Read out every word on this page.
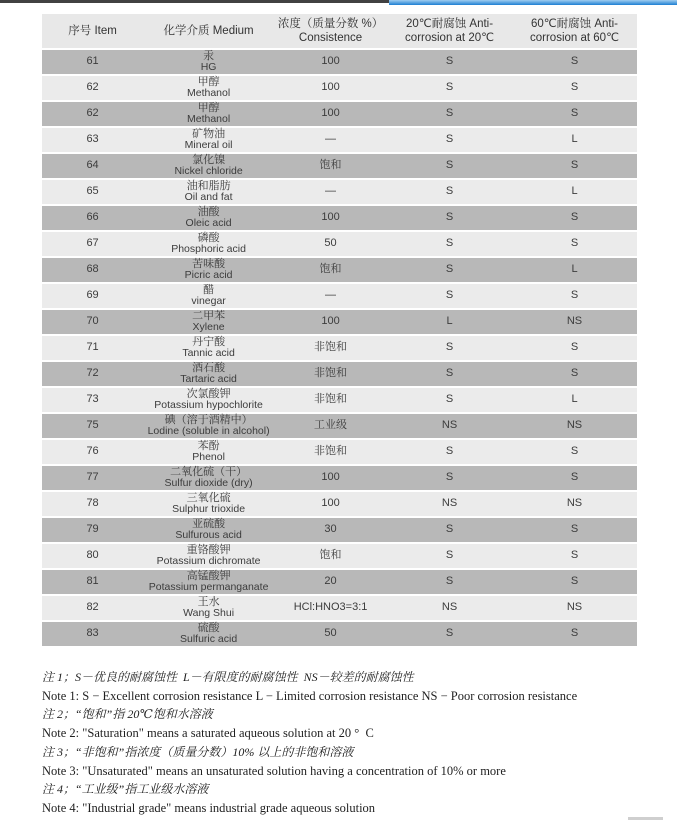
序号 Item	化学介质 Medium

浓度（质量分数 %）
Consistence

20℃耐腐蚀 Anti-
corrosion at 20℃

60℃耐腐蚀 Anti-
corrosion at 60℃

61	汞
HG	100	S	S
62	甲醇
Methanol	100	S	S
62	甲醇
Methanol	100	S	S
63	矿物油
Mineral oil	—	S	L
64	氯化镍
Nickel chloride	饱和	S	S
65	油和脂肪
Oil and fat	—	S	L
66	油酸
Oleic acid	100	S	S
67	磷酸
Phosphoric acid	50	S	S
68	苦味酸
Picric acid	饱和	S	L
69	醋
vinegar	—	S	S
70	二甲苯
Xylene	100	L	NS
71	丹宁酸
Tannic acid	非饱和	S	S
72	酒石酸
Tartaric acid	非饱和	S	S
73	次氯酸钾
Potassium hypochlorite	非饱和	S	L
75	碘（溶于酒精中）
Lodine (soluble in alcohol)	工业级	NS	NS
76	苯酚
Phenol	非饱和	S	S
77	二氧化硫（干）
Sulfur dioxide (dry)	100	S	S
78	三氧化硫
Sulphur trioxide	100	NS	NS
79	亚硫酸
Sulfurous acid	30	S	S
80	重铬酸钾
Potassium dichromate	饱和	S	S
81	高锰酸钾
Potassium permanganate	20	S	S
82	王水
Wang Shui	HCl:HNO3=3:1	NS	NS
83	硫酸
Sulfuric acid	50	S	S
注 1；S－优良的耐腐蚀性  L－有限度的耐腐蚀性  NS－较差的耐腐蚀性
Note 1: S − Excellent corrosion resistance L − Limited corrosion resistance NS − Poor corrosion resistance
注 2；“饱和”指 20℃饱和水溶液
Note 2: "Saturation" means a saturated aqueous solution at 20 °  C
注 3；“非饱和”指浓度（质量分数）10% 以上的非饱和溶液
Note 3: "Unsaturated" means an unsaturated solution having a concentration of 10% or more
注 4；“工业级”指工业级水溶液
Note 4: "Industrial grade" means industrial grade aqueous solution
